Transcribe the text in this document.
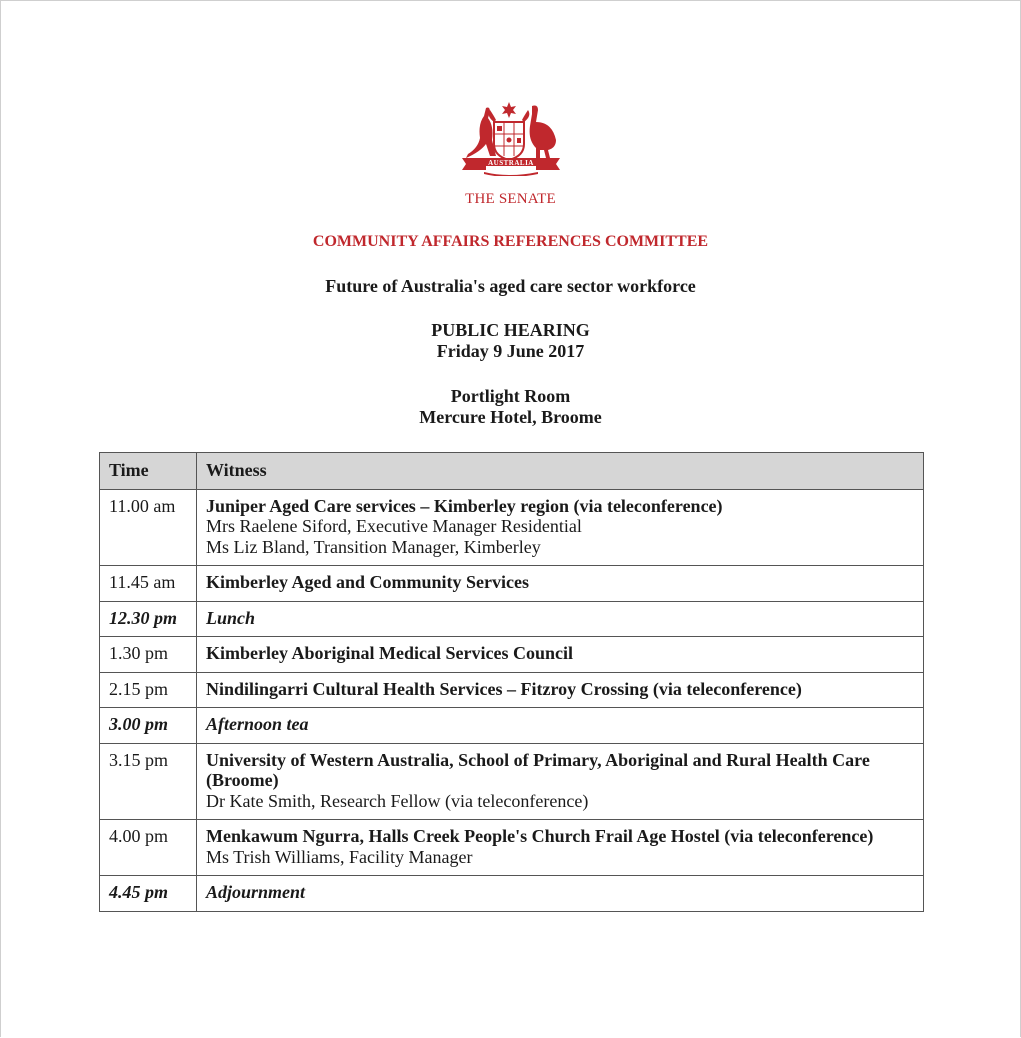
AUSTRALIA
THE SENATE
COMMUNITY AFFAIRS REFERENCES COMMITTEE
Future of Australia's aged care sector workforce
PUBLIC HEARING
Friday 9 June 2017
Portlight Room
Mercure Hotel, Broome
Time	Witness
11.00 am	Juniper Aged Care services – Kimberley region (via teleconference)
Mrs Raelene Siford, Executive Manager Residential
Ms Liz Bland, Transition Manager, Kimberley

11.45 am	Kimberley Aged and Community Services

12.30 pm	Lunch
1.30 pm	Kimberley Aboriginal Medical Services Council

2.15 pm	Nindilingarri Cultural Health Services – Fitzroy Crossing (via teleconference)

3.00 pm	Afternoon tea
3.15 pm	University of Western Australia, School of Primary, Aboriginal and Rural Health Care (Broome)
Dr Kate Smith, Research Fellow (via teleconference)

4.00 pm	Menkawum Ngurra, Halls Creek People's Church Frail Age Hostel (via teleconference)
Ms Trish Williams, Facility Manager

4.45 pm	Adjournment
